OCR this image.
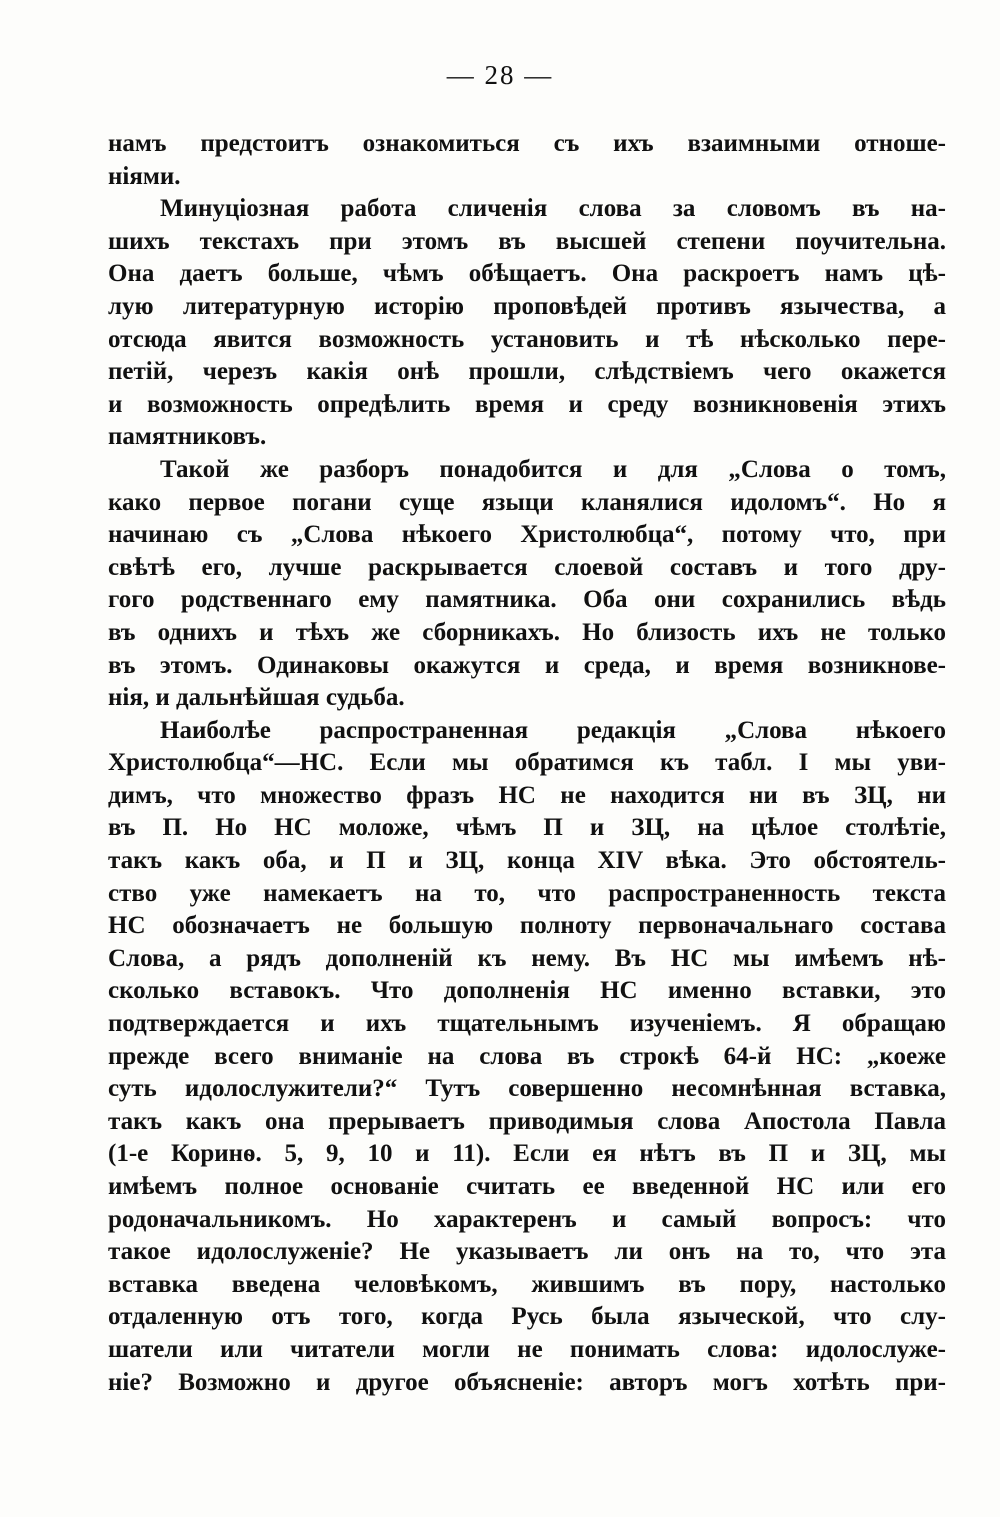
— 28 —
намъ предстоитъ ознакомиться съ ихъ взаимными отноше-
ніями.
Минуціозная работа сличенія слова за словомъ въ на-
шихъ текстахъ при этомъ въ высшей степени поучительна.
Она даетъ больше, чѣмъ обѣщаетъ. Она раскроетъ намъ цѣ-
лую литературную исторію проповѣдей противъ язычества, а
отсюда явится возможность установить и тѣ нѣсколько пере-
петій, черезъ какія онѣ прошли, слѣдствіемъ чего окажется
и возможность опредѣлить время и среду возникновенія этихъ
памятниковъ.
Такой же разборъ понадобится и для „Слова о томъ,
како первое погани суще языци кланялися идоломъ“. Но я
начинаю съ „Слова нѣкоего Христолюбца“, потому что, при
свѣтѣ его, лучше раскрывается слоевой составъ и того дру-
гого родственнаго ему памятника. Оба они сохранились вѣдь
въ однихъ и тѣхъ же сборникахъ. Но близость ихъ не только
въ этомъ. Одинаковы окажутся и среда, и время возникнове-
нія, и дальнѣйшая судьба.
Наиболѣе распространенная редакція „Слова нѣкоего
Христолюбца“—НС. Если мы обратимся къ табл. I мы уви-
димъ, что множество фразъ НС не находится ни въ ЗЦ, ни
въ П. Но НС моложе, чѣмъ П и ЗЦ, на цѣлое столѣтіе,
такъ какъ оба, и П и ЗЦ, конца XIV вѣка. Это обстоятель-
ство уже намекаетъ на то, что распространенность текста
НС обозначаетъ не большую полноту первоначальнаго состава
Слова, а рядъ дополненій къ нему. Въ НС мы имѣемъ нѣ-
сколько вставокъ. Что дополненія НС именно вставки, это
подтверждается и ихъ тщательнымъ изученіемъ. Я обращаю
прежде всего вниманіе на слова въ строкѣ 64-й НС: „коеже
суть идолослужители?“ Тутъ совершенно несомнѣнная вставка,
такъ какъ она прерываетъ приводимыя слова Апостола Павла
(1-е Коринѳ. 5, 9, 10 и 11). Если ея нѣтъ въ П и ЗЦ, мы
имѣемъ полное основаніе считать ее введенной НС или его
родоначальникомъ. Но характеренъ и самый вопросъ: что
такое идолослуженіе? Не указываетъ ли онъ на то, что эта
вставка введена человѣкомъ, жившимъ въ пору, настолько
отдаленную отъ того, когда Русь была язычеcкой, что слу-
шатели или читатели могли не понимать слова: идолослуже-
ніе? Возможно и другое объясненіе: авторъ могъ хотѣть при-
